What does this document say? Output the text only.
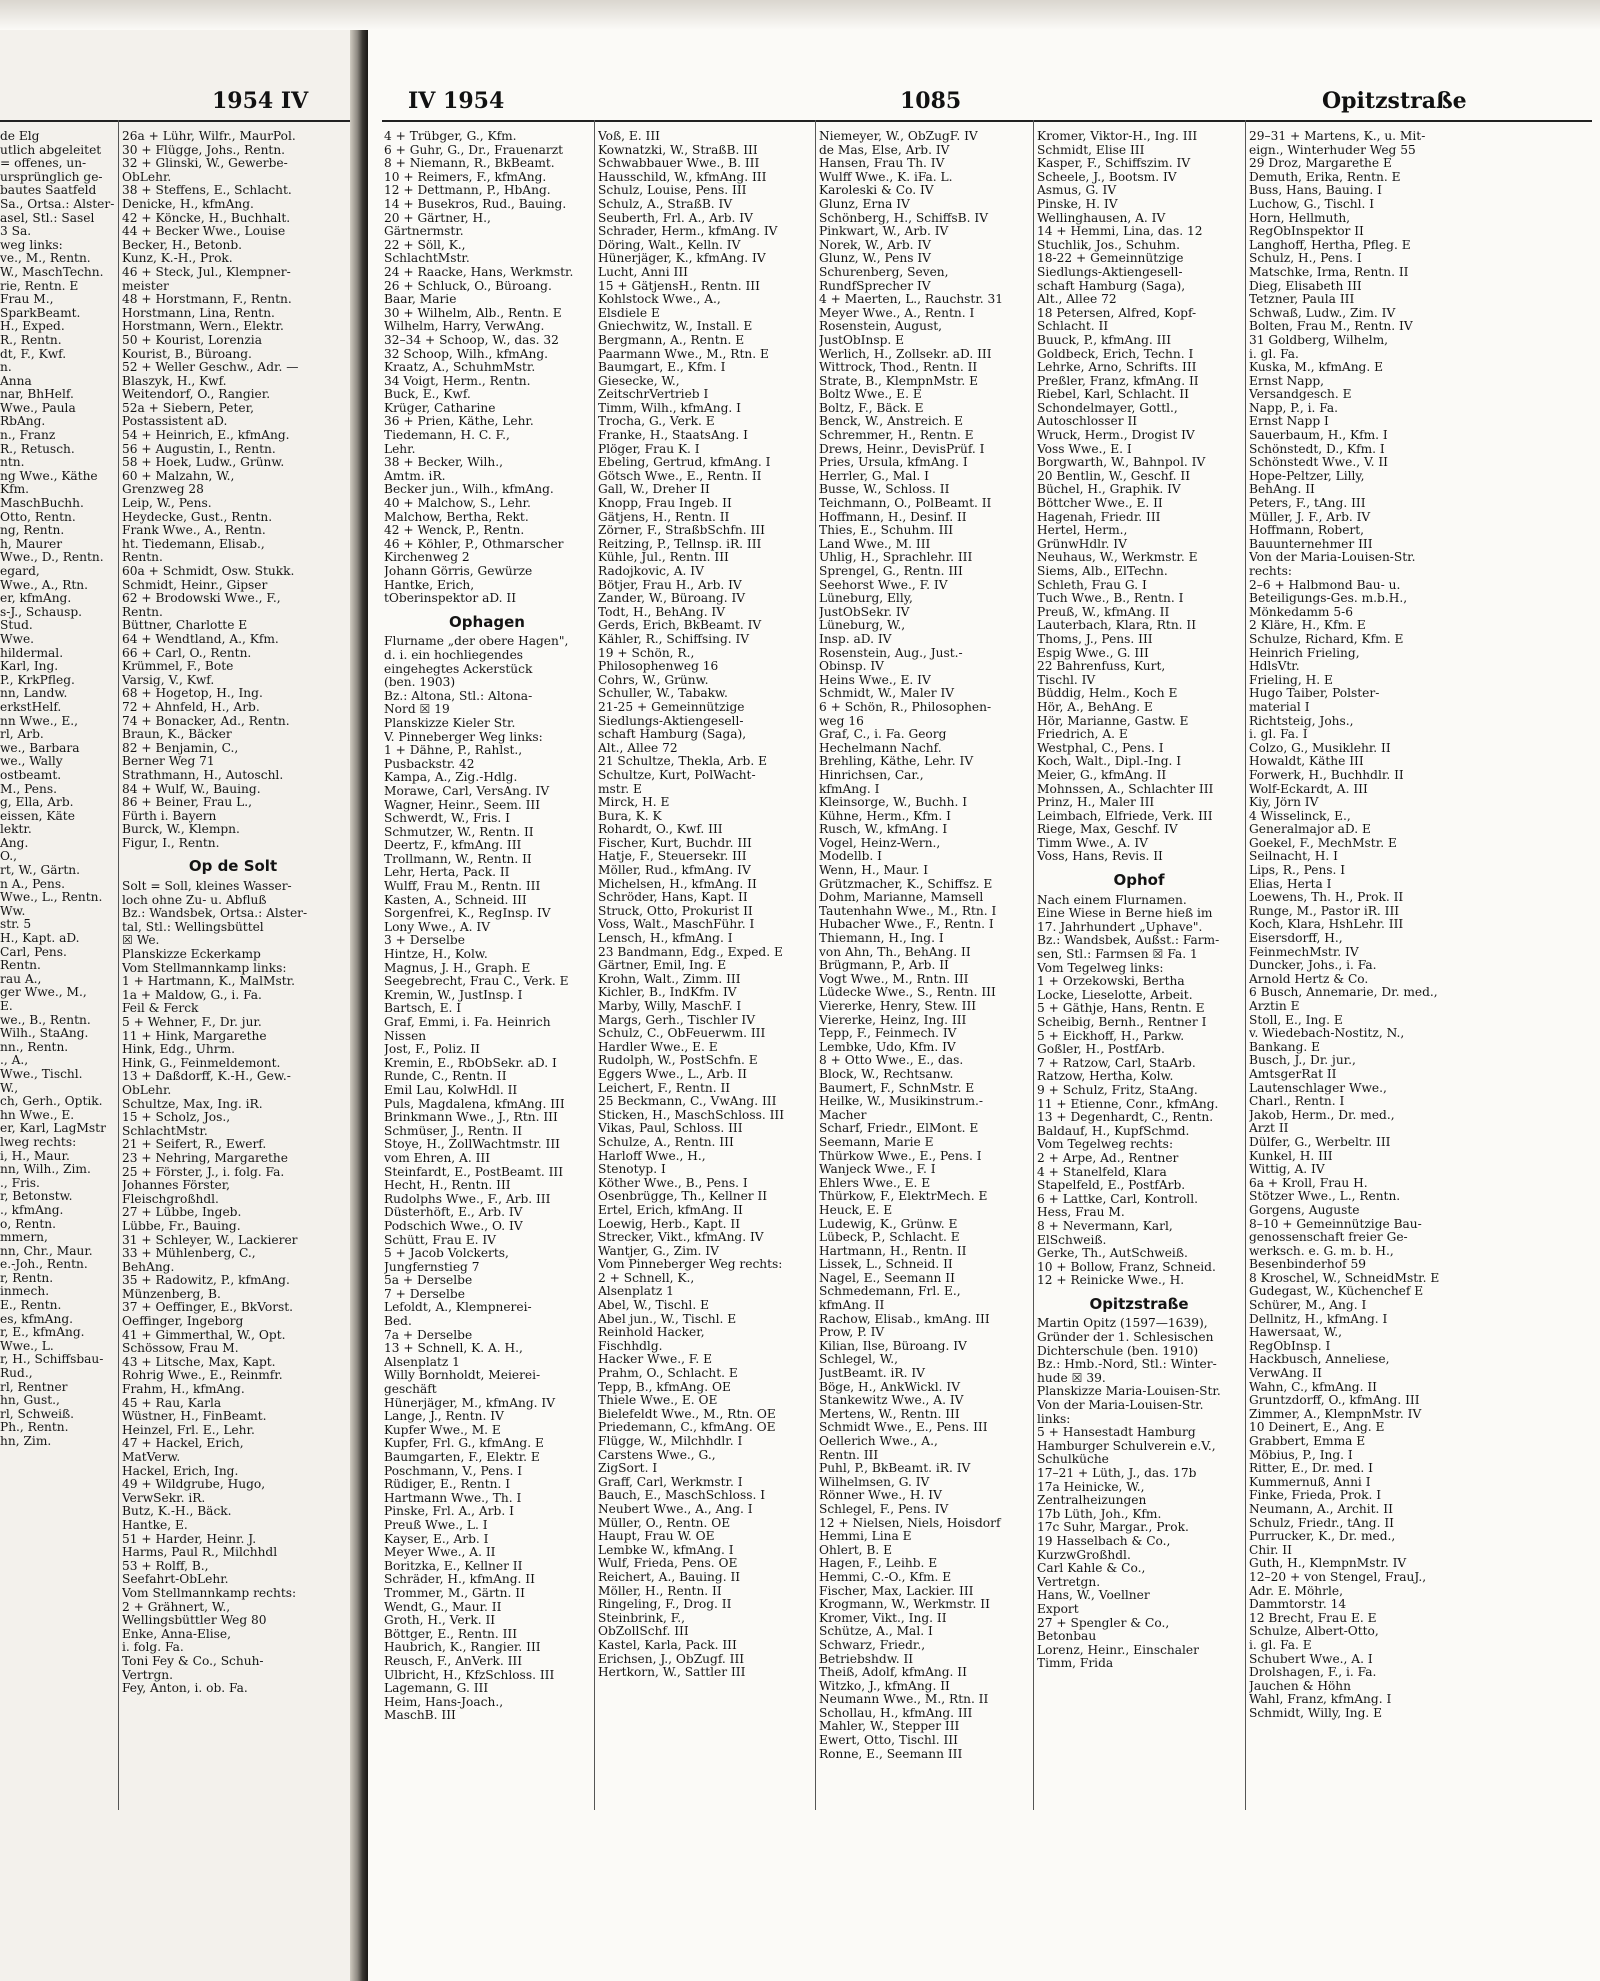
1954 IV	IV 1954	1085	Opitzstraße
de Elg
utlich abgeleitet
= offenes, un-
ursprünglich ge-
bautes Saatfeld
Sa., Ortsa.: Alster-
asel, Stl.: Sasel
3 Sa.
weg links:
ve., M., Rentn.
W., MaschTechn.
rie, Rentn. E
Frau M.,
SparkBeamt.
H., Exped.
R., Rentn.
dt, F., Kwf.
n.
Anna
nar, BhHelf.
Wwe., Paula
RbAng.
n., Franz
R., Retusch.
ntn.
ng Wwe., Käthe
Kfm.
MaschBuchh.
Otto, Rentn.
ng, Rentn.
h, Maurer
Wwe., D., Rentn.
egard,
Wwe., A., Rtn.
er, kfmAng.
s-J., Schausp.
Stud.
Wwe.
hildermal.
Karl, Ing.
P., KrkPfleg.
nn, Landw.
erkstHelf.
nn Wwe., E.,
rl, Arb.
we., Barbara
we., Wally
ostbeamt.
M., Pens.
g, Ella, Arb.
eissen, Käte
lektr.
Ang.
O.,
rt, W., Gärtn.
n A., Pens.
Wwe., L., Rentn.
Ww.
str. 5
H., Kapt. aD.
Carl, Pens.
Rentn.
rau A.,
ger Wwe., M.,
E.
we., B., Rentn.
Wilh., StaAng.
nn., Rentn.
., A.,
Wwe., Tischl.
W.,
ch, Gerh., Optik.
hn Wwe., E.
er, Karl, LagMstr
lweg rechts:
i, H., Maur.
nn, Wilh., Zim.
., Fris.
r, Betonstw.
., kfmAng.
o, Rentn.
mmern,
nn, Chr., Maur.
e.-Joh., Rentn.
r, Rentn.
inmech.
E., Rentn.
es, kfmAng.
r, E., kfmAng.
Wwe., L.
r, H., Schiffsbau-
Rud.,
rl, Rentner
hn, Gust.,
rl, Schweiß.
Ph., Rentn.
hn, Zim.
26a + Lühr, Wilfr., MaurPol.
30 + Flügge, Johs., Rentn.
32 + Glinski, W., Gewerbe-
ObLehr.
38 + Steffens, E., Schlacht.
Denicke, H., kfmAng.
42 + Köncke, H., Buchhalt.
44 + Becker Wwe., Louise
Becker, H., Betonb.
Kunz, K.-H., Prok.
46 + Steck, Jul., Klempner-
meister
48 + Horstmann, F., Rentn.
Horstmann, Lina, Rentn.
Horstmann, Wern., Elektr.
50 + Kourist, Lorenzia
Kourist, B., Büroang.
52 + Weller Geschw., Adr. —
Blaszyk, H., Kwf.
Weitendorf, O., Rangier.
52a + Siebern, Peter,
Postassistent aD.
54 + Heinrich, E., kfmAng.
56 + Augustin, I., Rentn.
58 + Hoek, Ludw., Grünw.
60 + Malzahn, W.,
Grenzweg 28
Leip, W., Pens.
Heydecke, Gust., Rentn.
Frank Wwe., A., Rentn.
ht. Tiedemann, Elisab.,
Rentn.
60a + Schmidt, Osw. Stukk.
Schmidt, Heinr., Gipser
62 + Brodowski Wwe., F.,
Rentn.
Büttner, Charlotte E
64 + Wendtland, A., Kfm.
66 + Carl, O., Rentn.
Krümmel, F., Bote
Varsig, V., Kwf.
68 + Hogetop, H., Ing.
72 + Ahnfeld, H., Arb.
74 + Bonacker, Ad., Rentn.
Braun, K., Bäcker
82 + Benjamin, C.,
Berner Weg 71
Strathmann, H., Autoschl.
84 + Wulf, W., Bauing.
86 + Beiner, Frau L.,
Fürth i. Bayern
Burck, W., Klempn.
Figur, I., Rentn.
Op de Solt
Solt = Soll, kleines Wasser-
loch ohne Zu- u. Abfluß
Bz.: Wandsbek, Ortsa.: Alster-
tal, Stl.: Wellingsbüttel
☒ We.
Planskizze Eckerkamp
Vom Stellmannkamp links:
1 + Hartmann, K., MalMstr.
1a + Maldow, G., i. Fa.
Feil & Ferck
5 + Wehner, F., Dr. jur.
11 + Hink, Margarethe
Hink, Edg., Uhrm.
Hink, G., Feinmeldemont.
13 + Daßdorff, K.-H., Gew.-
ObLehr.
Schultze, Max, Ing. iR.
15 + Scholz, Jos.,
SchlachtMstr.
21 + Seifert, R., Ewerf.
23 + Nehring, Margarethe
25 + Förster, J., i. folg. Fa.
Johannes Förster,
Fleischgroßhdl.
27 + Lübbe, Ingeb.
Lübbe, Fr., Bauing.
31 + Schleyer, W., Lackierer
33 + Mühlenberg, C.,
BehAng.
35 + Radowitz, P., kfmAng.
Münzenberg, B.
37 + Oeffinger, E., BkVorst.
Oeffinger, Ingeborg
41 + Gimmerthal, W., Opt.
Schössow, Frau M.
43 + Litsche, Max, Kapt.
Rohrig Wwe., E., Reinmfr.
Frahm, H., kfmAng.
45 + Rau, Karla
Wüstner, H., FinBeamt.
Heinzel, Frl. E., Lehr.
47 + Hackel, Erich,
MatVerw.
Hackel, Erich, Ing.
49 + Wildgrube, Hugo,
VerwSekr. iR.
Butz, K.-H., Bäck.
Hantke, E.
51 + Harder, Heinr. J.
Harms, Paul R., Milchhdl
53 + Rolff, B.,
Seefahrt-ObLehr.
Vom Stellmannkamp rechts:
2 + Grähnert, W.,
Wellingsbüttler Weg 80
Enke, Anna-Elise,
i. folg. Fa.
Toni Fey & Co., Schuh-
Vertrgn.
Fey, Anton, i. ob. Fa.
4 + Trübger, G., Kfm.
6 + Guhr, G., Dr., Frauenarzt
8 + Niemann, R., BkBeamt.
10 + Reimers, F., kfmAng.
12 + Dettmann, P., HbAng.
14 + Busekros, Rud., Bauing.
20 + Gärtner, H.,
Gärtnermstr.
22 + Söll, K.,
SchlachtMstr.
24 + Raacke, Hans, Werkmstr.
26 + Schluck, O., Büroang.
Baar, Marie
30 + Wilhelm, Alb., Rentn. E
Wilhelm, Harry, VerwAng.
32–34 + Schoop, W., das. 32
32 Schoop, Wilh., kfmAng.
Kraatz, A., SchuhmMstr.
34 Voigt, Herm., Rentn.
Buck, E., Kwf.
Krüger, Catharine
36 + Prien, Käthe, Lehr.
Tiedemann, H. C. F.,
Lehr.
38 + Becker, Wilh.,
Amtm. iR.
Becker jun., Wilh., kfmAng.
40 + Malchow, S., Lehr.
Malchow, Bertha, Rekt.
42 + Wenck, P., Rentn.
46 + Köhler, P., Othmarscher
Kirchenweg 2
Johann Görris, Gewürze
Hantke, Erich,
tOberinspektor aD. II
Ophagen
Flurname „der obere Hagen",
d. i. ein hochliegendes
eingehegtes Ackerstück
(ben. 1903)
Bz.: Altona, Stl.: Altona-
Nord ☒ 19
Planskizze Kieler Str.
V. Pinneberger Weg links:
1 + Dähne, P., Rahlst.,
Pusbackstr. 42
Kampa, A., Zig.-Hdlg.
Morawe, Carl, VersAng. IV
Wagner, Heinr., Seem. III
Schwerdt, W., Fris. I
Schmutzer, W., Rentn. II
Deertz, F., kfmAng. III
Trollmann, W., Rentn. II
Lehr, Herta, Pack. II
Wulff, Frau M., Rentn. III
Kasten, A., Schneid. III
Sorgenfrei, K., RegInsp. IV
Lony Wwe., A. IV
3 + Derselbe
Hintze, H., Kolw.
Magnus, J. H., Graph. E
Seegebrecht, Frau C., Verk. E
Kremin, W., JustInsp. I
Bartsch, E. I
Graf, Emmi, i. Fa. Heinrich
Nissen
Jost, F., Poliz. II
Kremin, E., RbObSekr. aD. I
Runde, C., Rentn. II
Emil Lau, KolwHdl. II
Puls, Magdalena, kfmAng. III
Brinkmann Wwe., J., Rtn. III
Schmüser, J., Rentn. II
Stoye, H., ZollWachtmstr. III
vom Ehren, A. III
Steinfardt, E., PostBeamt. III
Hecht, H., Rentn. III
Rudolphs Wwe., F., Arb. III
Düsterhöft, E., Arb. IV
Podschich Wwe., O. IV
Schütt, Frau E. IV
5 + Jacob Volckerts,
Jungfernstieg 7
5a + Derselbe
7 + Derselbe
Lefoldt, A., Klempnerei-
Bed.
7a + Derselbe
13 + Schnell, K. A. H.,
Alsenplatz 1
Willy Bornholdt, Meierei-
geschäft
Hünerjäger, M., kfmAng. IV
Lange, J., Rentn. IV
Kupfer Wwe., M. E
Kupfer, Frl. G., kfmAng. E
Baumgarten, F., Elektr. E
Poschmann, V., Pens. I
Rüdiger, E., Rentn. I
Hartmann Wwe., Th. I
Pinske, Frl. A., Arb. I
Preuß Wwe., L. I
Kayser, E., Arb. I
Meyer Wwe., A. II
Boritzka, E., Kellner II
Schräder, H., kfmAng. II
Trommer, M., Gärtn. II
Wendt, G., Maur. II
Groth, H., Verk. II
Böttger, E., Rentn. III
Haubrich, K., Rangier. III
Reusch, F., AnVerk. III
Ulbricht, H., KfzSchloss. III
Lagemann, G. III
Heim, Hans-Joach.,
MaschB. III
Voß, E. III
Kownatzki, W., StraßB. III
Schwabbauer Wwe., B. III
Hausschild, W., kfmAng. III
Schulz, Louise, Pens. III
Schulz, A., StraßB. IV
Seuberth, Frl. A., Arb. IV
Schrader, Herm., kfmAng. IV
Döring, Walt., Kelln. IV
Hünerjäger, K., kfmAng. IV
Lucht, Anni III
15 + GätjensH., Rentn. III
Kohlstock Wwe., A.,
Elsdiele E
Gniechwitz, W., Install. E
Bergmann, A., Rentn. E
Paarmann Wwe., M., Rtn. E
Baumgart, E., Kfm. I
Giesecke, W.,
ZeitschrVertrieb I
Timm, Wilh., kfmAng. I
Trocha, G., Verk. E
Franke, H., StaatsAng. I
Plöger, Frau K. I
Ebeling, Gertrud, kfmAng. I
Götsch Wwe., E., Rentn. II
Gall, W., Dreher II
Knopp, Frau Ingeb. II
Gätjens, H., Rentn. II
Zörner, F., StraßbSchfn. III
Reitzing, P., Tellnsp. iR. III
Kühle, Jul., Rentn. III
Radojkovic, A. IV
Bötjer, Frau H., Arb. IV
Zander, W., Büroang. IV
Todt, H., BehAng. IV
Gerds, Erich, BkBeamt. IV
Kähler, R., Schiffsing. IV
19 + Schön, R.,
Philosophenweg 16
Cohrs, W., Grünw.
Schuller, W., Tabakw.
21-25 + Gemeinnützige
Siedlungs-Aktiengesell-
schaft Hamburg (Saga),
Alt., Allee 72
21 Schultze, Thekla, Arb. E
Schultze, Kurt, PolWacht-
mstr. E
Mirck, H. E
Bura, K. K
Rohardt, O., Kwf. III
Fischer, Kurt, Buchdr. III
Hatje, F., Steuersekr. III
Möller, Rud., kfmAng. IV
Michelsen, H., kfmAng. II
Schröder, Hans, Kapt. II
Struck, Otto, Prokurist II
Voss, Walt., MaschFühr. I
Lensch, H., kfmAng. I
23 Bandmann, Edg., Exped. E
Gärtner, Emil, Ing. E
Krohn, Walt., Zimm. III
Kichler, B., IndKfm. IV
Marby, Willy, MaschF. I
Margs, Gerh., Tischler IV
Schulz, C., ObFeuerwm. III
Hardler Wwe., E. E
Rudolph, W., PostSchfn. E
Eggers Wwe., L., Arb. II
Leichert, F., Rentn. II
25 Beckmann, C., VwAng. III
Sticken, H., MaschSchloss. III
Vikas, Paul, Schloss. III
Schulze, A., Rentn. III
Harloff Wwe., H.,
Stenotyp. I
Köther Wwe., B., Pens. I
Osenbrügge, Th., Kellner II
Ertel, Erich, kfmAng. II
Loewig, Herb., Kapt. II
Strecker, Vikt., kfmAng. IV
Wantjer, G., Zim. IV
Vom Pinneberger Weg rechts:
2 + Schnell, K.,
Alsenplatz 1
Abel, W., Tischl. E
Abel jun., W., Tischl. E
Reinhold Hacker,
Fischhdlg.
Hacker Wwe., F. E
Prahm, O., Schlacht. E
Tepp, B., kfmAng. OE
Thiele Wwe., E. OE
Bielefeldt Wwe., M., Rtn. OE
Priedemann, C., kfmAng. OE
Flügge, W., Milchhdlr. I
Carstens Wwe., G.,
ZigSort. I
Graff, Carl, Werkmstr. I
Bauch, E., MaschSchloss. I
Neubert Wwe., A., Ang. I
Müller, O., Rentn. OE
Haupt, Frau W. OE
Lembke W., kfmAng. I
Wulf, Frieda, Pens. OE
Reichert, A., Bauing. II
Möller, H., Rentn. II
Ringeling, F., Drog. II
Steinbrink, F.,
ObZollSchf. III
Kastel, Karla, Pack. III
Erichsen, J., ObZugf. III
Hertkorn, W., Sattler III
Niemeyer, W., ObZugF. IV
de Mas, Else, Arb. IV
Hansen, Frau Th. IV
Wulff Wwe., K. iFa. L.
Karoleski & Co. IV
Glunz, Erna IV
Schönberg, H., SchiffsB. IV
Pinkwart, W., Arb. IV
Norek, W., Arb. IV
Glunz, W., Pens IV
Schurenberg, Seven,
RundfSprecher IV
4 + Maerten, L., Rauchstr. 31
Meyer Wwe., A., Rentn. I
Rosenstein, August,
JustObInsp. E
Werlich, H., Zollsekr. aD. III
Wittrock, Thod., Rentn. II
Strate, B., KlempnMstr. E
Boltz Wwe., E. E
Boltz, F., Bäck. E
Benck, W., Anstreich. E
Schremmer, H., Rentn. E
Drews, Heinr., DevisPrüf. I
Pries, Ursula, kfmAng. I
Herrler, G., Mal. I
Busse, W., Schloss. II
Teichmann, O., PolBeamt. II
Hoffmann, H., Desinf. II
Thies, E., Schuhm. III
Land Wwe., M. III
Uhlig, H., Sprachlehr. III
Sprengel, G., Rentn. III
Seehorst Wwe., F. IV
Lüneburg, Elly,
JustObSekr. IV
Lüneburg, W.,
Insp. aD. IV
Rosenstein, Aug., Just.-
Obinsp. IV
Heins Wwe., E. IV
Schmidt, W., Maler IV
6 + Schön, R., Philosophen-
weg 16
Graf, C., i. Fa. Georg
Hechelmann Nachf.
Brehling, Käthe, Lehr. IV
Hinrichsen, Car.,
kfmAng. I
Kleinsorge, W., Buchh. I
Kühne, Herm., Kfm. I
Rusch, W., kfmAng. I
Vogel, Heinz-Wern.,
Modellb. I
Wenn, H., Maur. I
Grützmacher, K., Schiffsz. E
Dohm, Marianne, Mamsell
Tautenhahn Wwe., M., Rtn. I
Hubacher Wwe., F., Rentn. I
Thiemann, H., Ing. I
von Ahn, Th., BehAng. II
Brügmann, P., Arb. II
Vogt Wwe., M., Rntn. III
Lüdecke Wwe., S., Rentn. III
Viererke, Henry, Stew. III
Viererke, Heinz, Ing. III
Tepp, F., Feinmech. IV
Lembke, Udo, Kfm. IV
8 + Otto Wwe., E., das.
Block, W., Rechtsanw.
Baumert, F., SchnMstr. E
Heilke, W., Musikinstrum.-
Macher
Scharf, Friedr., ElMont. E
Seemann, Marie E
Thürkow Wwe., E., Pens. I
Wanjeck Wwe., F. I
Ehlers Wwe., E. E
Thürkow, F., ElektrMech. E
Heuck, E. E
Ludewig, K., Grünw. E
Lübeck, P., Schlacht. E
Hartmann, H., Rentn. II
Lissek, L., Schneid. II
Nagel, E., Seemann II
Schmedemann, Frl. E.,
kfmAng. II
Rachow, Elisab., kmAng. III
Prow, P. IV
Kilian, Ilse, Büroang. IV
Schlegel, W.,
JustBeamt. iR. IV
Böge, H., AnkWickl. IV
Stankewitz Wwe., A. IV
Mertens, W., Rentn. III
Schmidt Wwe., E., Pens. III
Oellerich Wwe., A.,
Rentn. III
Puhl, P., BkBeamt. iR. IV
Wilhelmsen, G. IV
Rönner Wwe., H. IV
Schlegel, F., Pens. IV
12 + Nielsen, Niels, Hoisdorf
Hemmi, Lina E
Ohlert, B. E
Hagen, F., Leihb. E
Hemmi, C.-O., Kfm. E
Fischer, Max, Lackier. III
Krogmann, W., Werkmstr. II
Kromer, Vikt., Ing. II
Schütze, A., Mal. I
Schwarz, Friedr.,
Betriebshdw. II
Theiß, Adolf, kfmAng. II
Witzko, J., kfmAng. II
Neumann Wwe., M., Rtn. II
Schollau, H., kfmAng. III
Mahler, W., Stepper III
Ewert, Otto, Tischl. III
Ronne, E., Seemann III
Kromer, Viktor-H., Ing. III
Schmidt, Elise III
Kasper, F., Schiffszim. IV
Scheele, J., Bootsm. IV
Asmus, G. IV
Pinske, H. IV
Wellinghausen, A. IV
14 + Hemmi, Lina, das. 12
Stuchlik, Jos., Schuhm.
18-22 + Gemeinnützige
Siedlungs-Aktiengesell-
schaft Hamburg (Saga),
Alt., Allee 72
18 Petersen, Alfred, Kopf-
Schlacht. II
Buuck, P., kfmAng. III
Goldbeck, Erich, Techn. I
Lehrke, Arno, Schrifts. III
Preßler, Franz, kfmAng. II
Riebel, Karl, Schlacht. II
Schondelmayer, Gottl.,
Autoschlosser II
Wruck, Herm., Drogist IV
Voss Wwe., E. I
Borgwarth, W., Bahnpol. IV
20 Bentlin, W., Geschf. II
Büchel, H., Graphik. IV
Böttcher Wwe., E. II
Hagenah, Friedr. III
Hertel, Herm.,
GrünwHdlr. IV
Neuhaus, W., Werkmstr. E
Siems, Alb., ElTechn.
Schleth, Frau G. I
Tuch Wwe., B., Rentn. I
Preuß, W., kfmAng. II
Lauterbach, Klara, Rtn. II
Thoms, J., Pens. III
Espig Wwe., G. III
22 Bahrenfuss, Kurt,
Tischl. IV
Büddig, Helm., Koch E
Hör, A., BehAng. E
Hör, Marianne, Gastw. E
Friedrich, A. E
Westphal, C., Pens. I
Koch, Walt., Dipl.-Ing. I
Meier, G., kfmAng. II
Mohnssen, A., Schlachter III
Prinz, H., Maler III
Leimbach, Elfriede, Verk. III
Riege, Max, Geschf. IV
Timm Wwe., A. IV
Voss, Hans, Revis. II
Ophof
Nach einem Flurnamen.
Eine Wiese in Berne hieß im
17. Jahrhundert „Uphave".
Bz.: Wandsbek, Außst.: Farm-
sen, Stl.: Farmsen ☒ Fa. 1
Vom Tegelweg links:
1 + Orzekowski, Bertha
Locke, Lieselotte, Arbeit.
5 + Gäthje, Hans, Rentn. E
Scheibig, Bernh., Rentner I
5 + Eickhoff, H., Parkw.
Goßler, H., PostfArb.
7 + Ratzow, Carl, StaArb.
Ratzow, Hertha, Kolw.
9 + Schulz, Fritz, StaAng.
11 + Etienne, Conr., kfmAng.
13 + Degenhardt, C., Rentn.
Baldauf, H., KupfSchmd.
Vom Tegelweg rechts:
2 + Arpe, Ad., Rentner
4 + Stanelfeld, Klara
Stapelfeld, E., PostfArb.
6 + Lattke, Carl, Kontroll.
Hess, Frau M.
8 + Nevermann, Karl,
ElSchweiß.
Gerke, Th., AutSchweiß.
10 + Bollow, Franz, Schneid.
12 + Reinicke Wwe., H.
Opitzstraße
Martin Opitz (1597—1639),
Gründer der 1. Schlesischen
Dichterschule (ben. 1910)
Bz.: Hmb.-Nord, Stl.: Winter-
hude ☒ 39.
Planskizze Maria-Louisen-Str.
Von der Maria-Louisen-Str.
links:
5 + Hansestadt Hamburg
Hamburger Schulverein e.V.,
Schulküche
17–21 + Lüth, J., das. 17b
17a Heinicke, W.,
Zentralheizungen
17b Lüth, Joh., Kfm.
17c Suhr, Margar., Prok.
19 Hasselbach & Co.,
KurzwGroßhdl.
Carl Kahle & Co.,
Vertretgn.
Hans, W., Voellner
Export
27 + Spengler & Co.,
Betonbau
Lorenz, Heinr., Einschaler
Timm, Frida
29–31 + Martens, K., u. Mit-
eign., Winterhuder Weg 55
29 Droz, Margarethe E
Demuth, Erika, Rentn. E
Buss, Hans, Bauing. I
Luchow, G., Tischl. I
Horn, Hellmuth,
RegObInspektor II
Langhoff, Hertha, Pfleg. E
Schulz, H., Pens. I
Matschke, Irma, Rentn. II
Dieg, Elisabeth III
Tetzner, Paula III
Schwaß, Ludw., Zim. IV
Bolten, Frau M., Rentn. IV
31 Goldberg, Wilhelm,
i. gl. Fa.
Kuska, M., kfmAng. E
Ernst Napp,
Versandgesch. E
Napp, P., i. Fa.
Ernst Napp I
Sauerbaum, H., Kfm. I
Schönstedt, D., Kfm. I
Schönstedt Wwe., V. II
Hope-Peltzer, Lilly,
BehAng. II
Peters, F., tAng. III
Müller, J. F., Arb. IV
Hoffmann, Robert,
Bauunternehmer III
Von der Maria-Louisen-Str.
rechts:
2–6 + Halbmond Bau- u.
Beteiligungs-Ges. m.b.H.,
Mönkedamm 5-6
2 Kläre, H., Kfm. E
Schulze, Richard, Kfm. E
Heinrich Frieling,
HdlsVtr.
Frieling, H. E
Hugo Taiber, Polster-
material I
Richtsteig, Johs.,
i. gl. Fa. I
Colzo, G., Musiklehr. II
Howaldt, Käthe III
Forwerk, H., Buchhdlr. II
Wolf-Eckardt, A. III
Kiy, Jörn IV
4 Wisselinck, E.,
Generalmajor aD. E
Goekel, F., MechMstr. E
Seilnacht, H. I
Lips, R., Pens. I
Elias, Herta I
Loewens, Th. H., Prok. II
Runge, M., Pastor iR. III
Koch, Klara, HshLehr. III
Eisersdorff, H.,
FeinmechMstr. IV
Duncker, Johs., i. Fa.
Arnold Hertz & Co.
6 Busch, Annemarie, Dr. med.,
Ärztin E
Stoll, E., Ing. E
v. Wiedebach-Nostitz, N.,
Bankang. E
Busch, J., Dr. jur.,
AmtsgerRat II
Lautenschlager Wwe.,
Charl., Rentn. I
Jakob, Herm., Dr. med.,
Arzt II
Dülfer, G., Werbeltr. III
Kunkel, H. III
Wittig, A. IV
6a + Kroll, Frau H.
Stötzer Wwe., L., Rentn.
Gorgens, Auguste
8–10 + Gemeinnützige Bau-
genossenschaft freier Ge-
werksch. e. G. m. b. H.,
Besenbinderhof 59
8 Kroschel, W., SchneidMstr. E
Gudegast, W., Küchenchef E
Schürer, M., Ang. I
Dellnitz, H., kfmAng. I
Hawersaat, W.,
RegObInsp. I
Hackbusch, Anneliese,
VerwAng. II
Wahn, C., kfmAng. II
Gruntzdorff, O., kfmAng. III
Zimmer, A., KlempnMstr. IV
10 Deinert, E., Ang. E
Grabbert, Emma E
Möbius, P., Ing. I
Ritter, E., Dr. med. I
Kummernuß, Anni I
Finke, Frieda, Prok. I
Neumann, A., Archit. II
Schulz, Friedr., tAng. II
Purrucker, K., Dr. med.,
Chir. II
Guth, H., KlempnMstr. IV
12–20 + von Stengel, FrauJ.,
Adr. E. Möhrle,
Dammtorstr. 14
12 Brecht, Frau E. E
Schulze, Albert-Otto,
i. gl. Fa. E
Schubert Wwe., A. I
Drolshagen, F., i. Fa.
Jauchen & Höhn
Wahl, Franz, kfmAng. I
Schmidt, Willy, Ing. E
